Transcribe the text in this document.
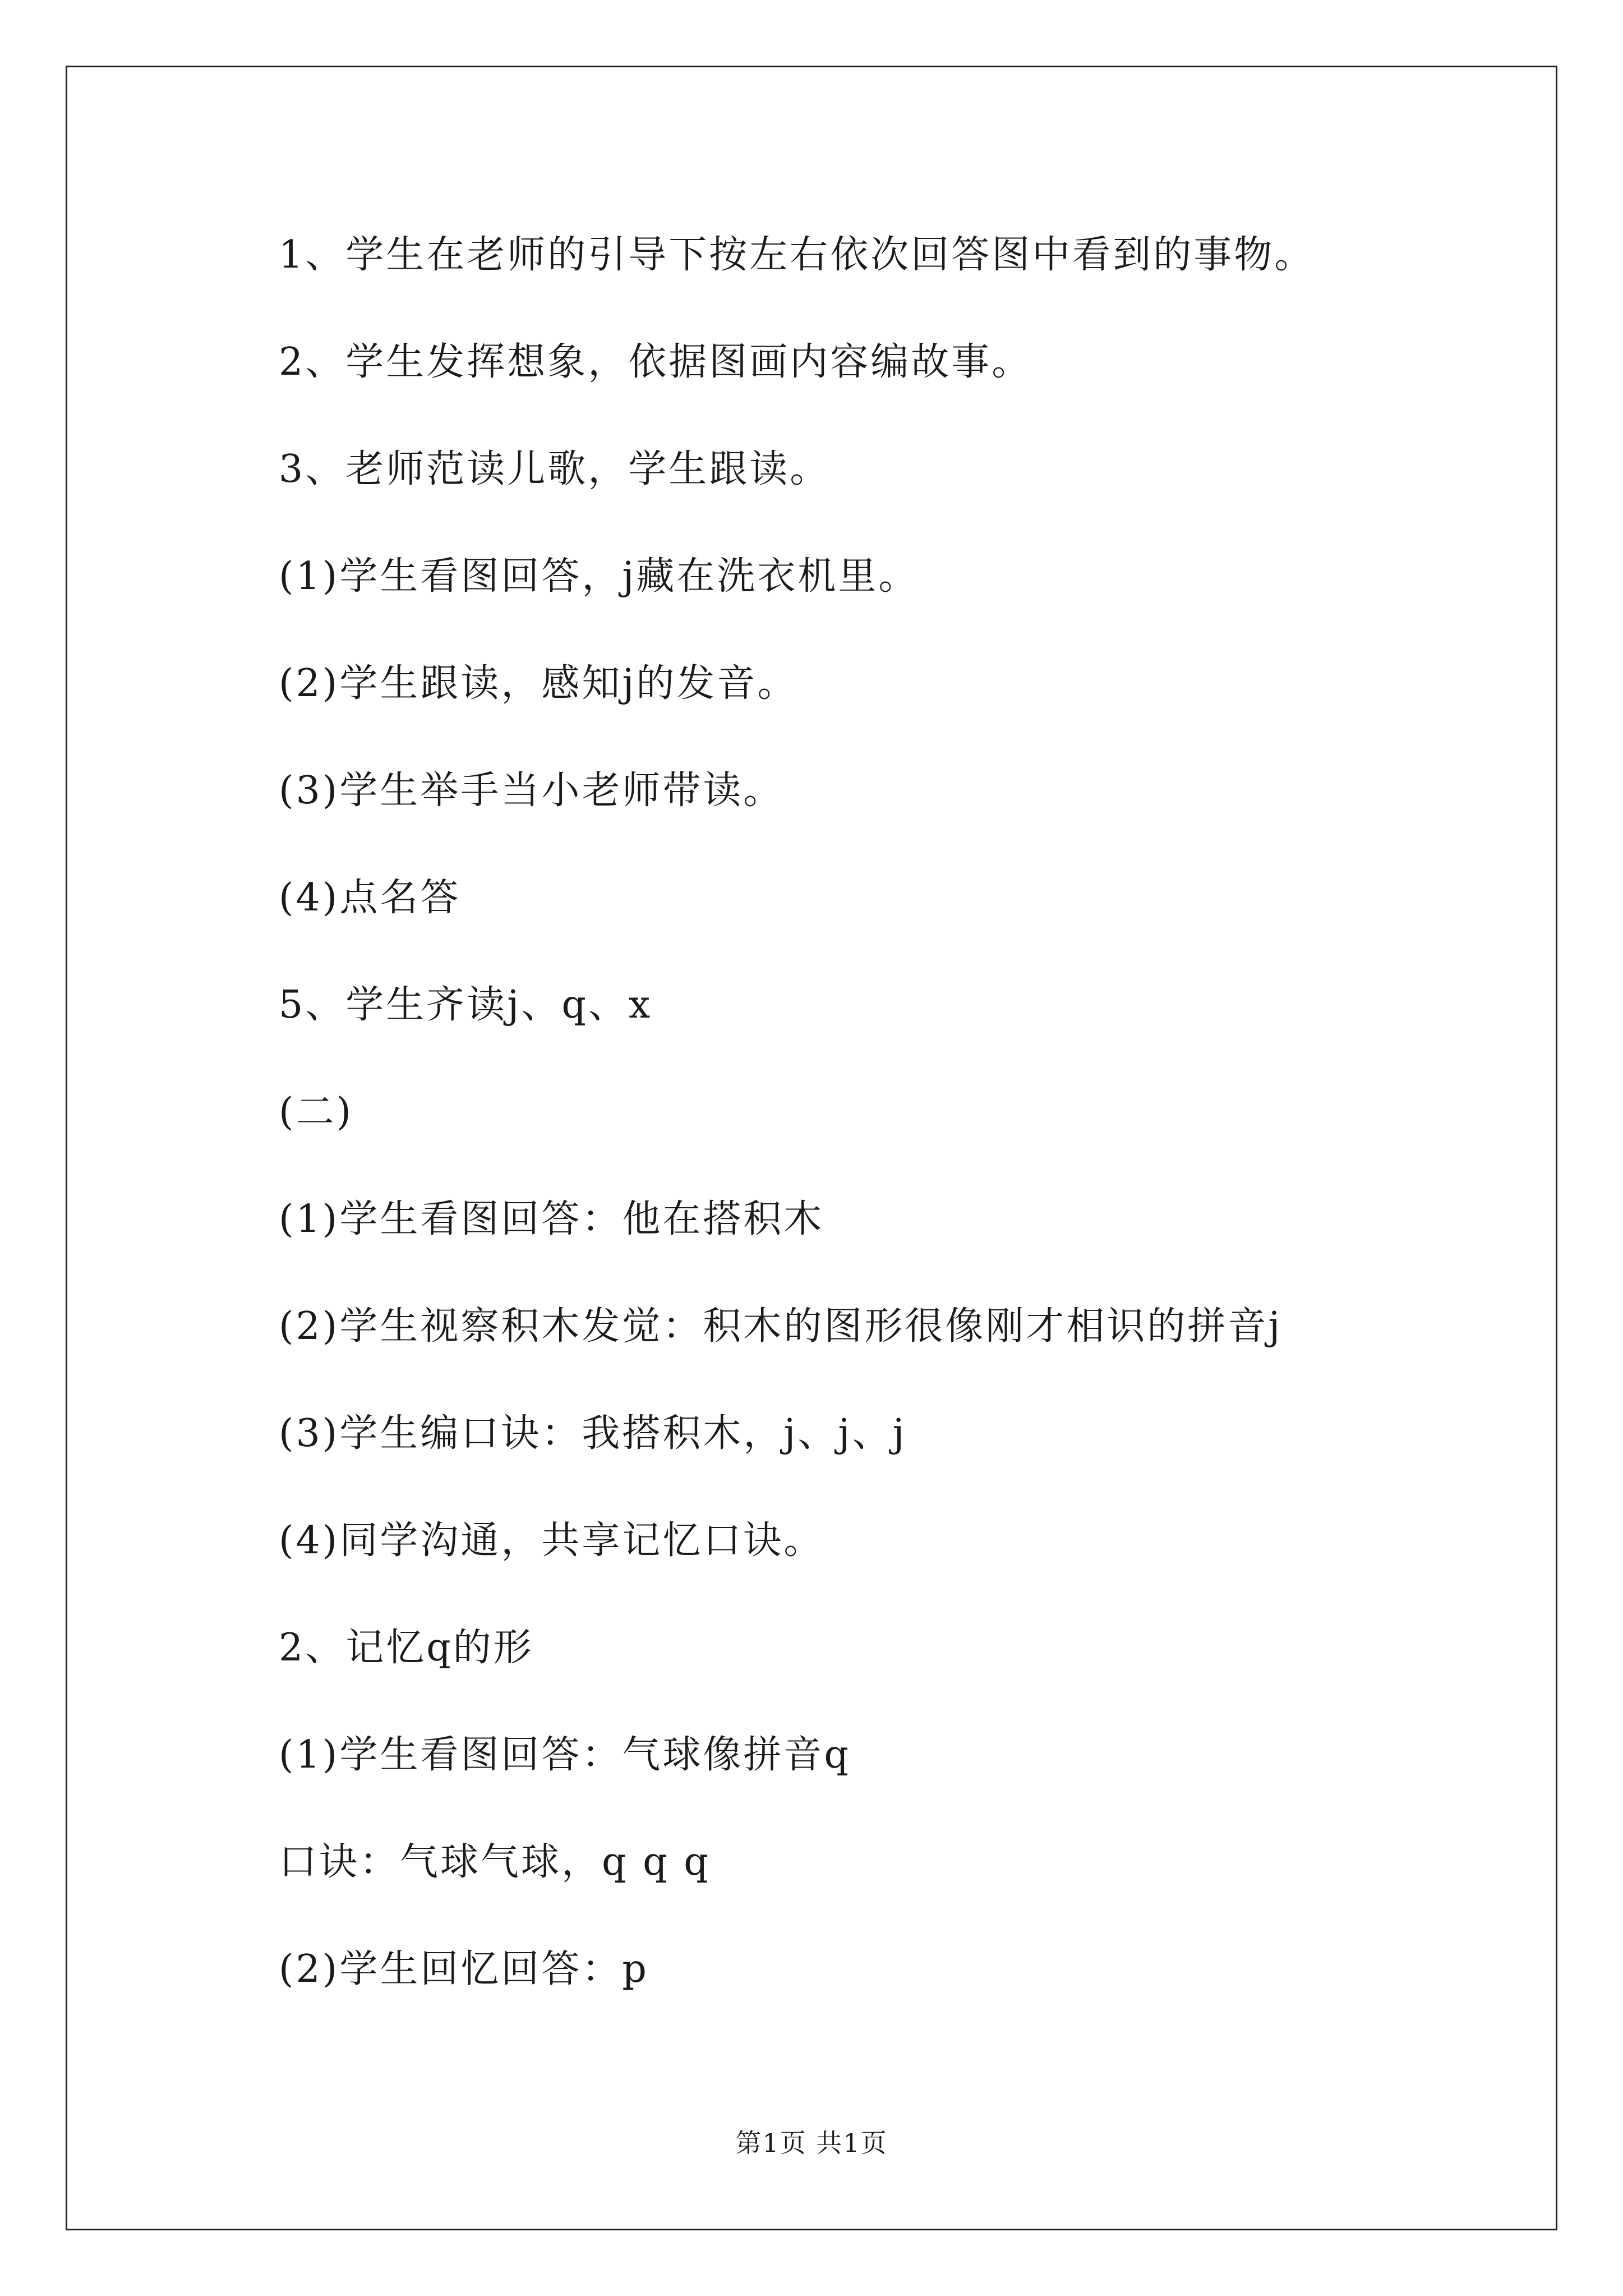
1、学生在老师的引导下按左右依次回答图中看到的事物。
2、学生发挥想象，依据图画内容编故事。
3、老师范读儿歌，学生跟读。
(1)学生看图回答，j藏在洗衣机里。
(2)学生跟读，感知j的发音。
(3)学生举手当小老师带读。
(4)点名答
5、学生齐读j、q、x
(二)
(1)学生看图回答：他在搭积木
(2)学生视察积木发觉：积木的图形很像刚才相识的拼音j
(3)学生编口诀：我搭积木，j、j、j
(4)同学沟通，共享记忆口诀。
2、记忆q的形
(1)学生看图回答：气球像拼音q
口诀：气球气球，q q q
(2)学生回忆回答：p
第1页 共1页
